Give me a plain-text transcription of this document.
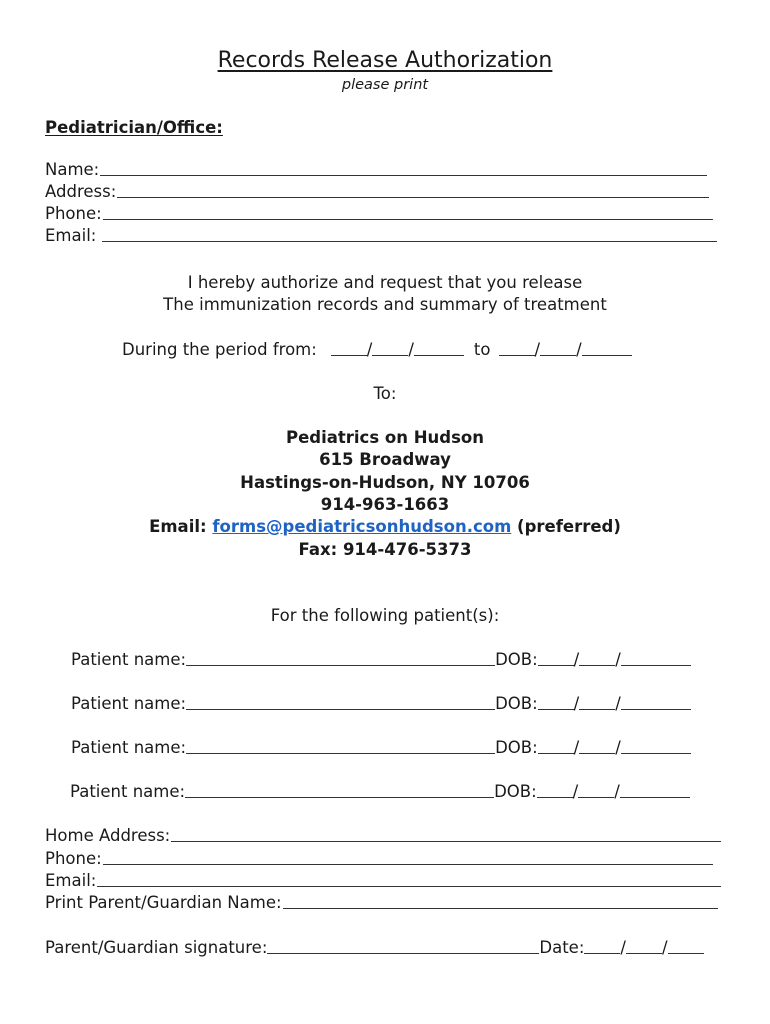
Records Release Authorization
please print
Pediatrician/Office:
Name:
Address:
Phone:
Email:
I hereby authorize and request that you release
The immunization records and summary of treatment
During the period from:	/ /	to	/ /
To:
Pediatrics on Hudson
615 Broadway
Hastings-on-Hudson, NY 10706
914-963-1663
Email: forms@pediatricsonhudson.com (preferred)
Fax: 914-476-5373
For the following patient(s):
Patient name:	DOB: / /
Patient name:	DOB: / /
Patient name:	DOB: / /
Patient name:	DOB: / /
Home Address:
Phone:
Email:
Print Parent/Guardian Name:
Parent/Guardian signature:	Date: / /
